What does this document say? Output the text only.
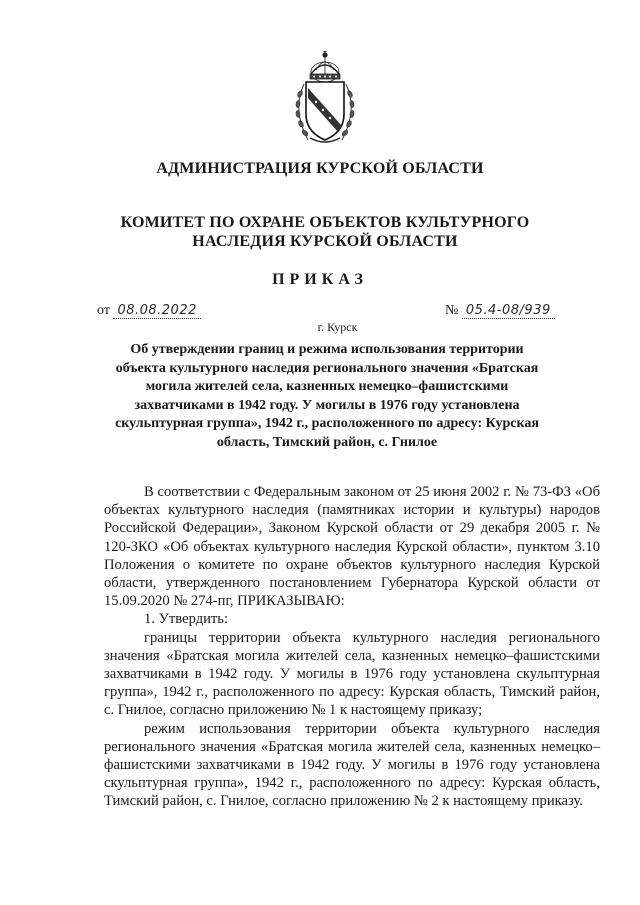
АДМИНИСТРАЦИЯ КУРСКОЙ ОБЛАСТИ
КОМИТЕТ ПО ОХРАНЕ ОБЪЕКТОВ КУЛЬТУРНОГО НАСЛЕДИЯ КУРСКОЙ ОБЛАСТИ
ПРИКАЗ
от 08.08.2022	№ 05.4-08/939
г. Курск
Об утверждении границ и режима использования территории объекта культурного наследия регионального значения «Братская могила жителей села, казненных немецко–фашистскими захватчиками в 1942 году. У могилы в 1976 году установлена скульптурная группа», 1942 г., расположенного по адресу: Курская область, Тимский район, с. Гнилое

В соответствии с Федеральным законом от 25 июня 2002 г. № 73-ФЗ «Об объектах культурного наследия (памятниках истории и культуры) народов Российской Федерации», Законом Курской области от 29 декабря 2005 г. № 120-ЗКО «Об объектах культурного наследия Курской области», пунктом 3.10 Положения о комитете по охране объектов культурного наследия Курской области, утвержденного постановлением Губернатора Курской области от 15.09.2020 № 274-пг, ПРИКАЗЫВАЮ:

1. Утвердить:

границы территории объекта культурного наследия регионального значения «Братская могила жителей села, казненных немецко–фашистскими захватчиками в 1942 году. У могилы в 1976 году установлена скульптурная группа», 1942 г., расположенного по адресу: Курская область, Тимский район, с. Гнилое, согласно приложению № 1 к настоящему приказу;

режим использования территории объекта культурного наследия регионального значения «Братская могила жителей села, казненных немецко–фашистскими захватчиками в 1942 году. У могилы в 1976 году установлена скульптурная группа», 1942 г., расположенного по адресу: Курская область, Тимский район, с. Гнилое, согласно приложению № 2 к настоящему приказу.
